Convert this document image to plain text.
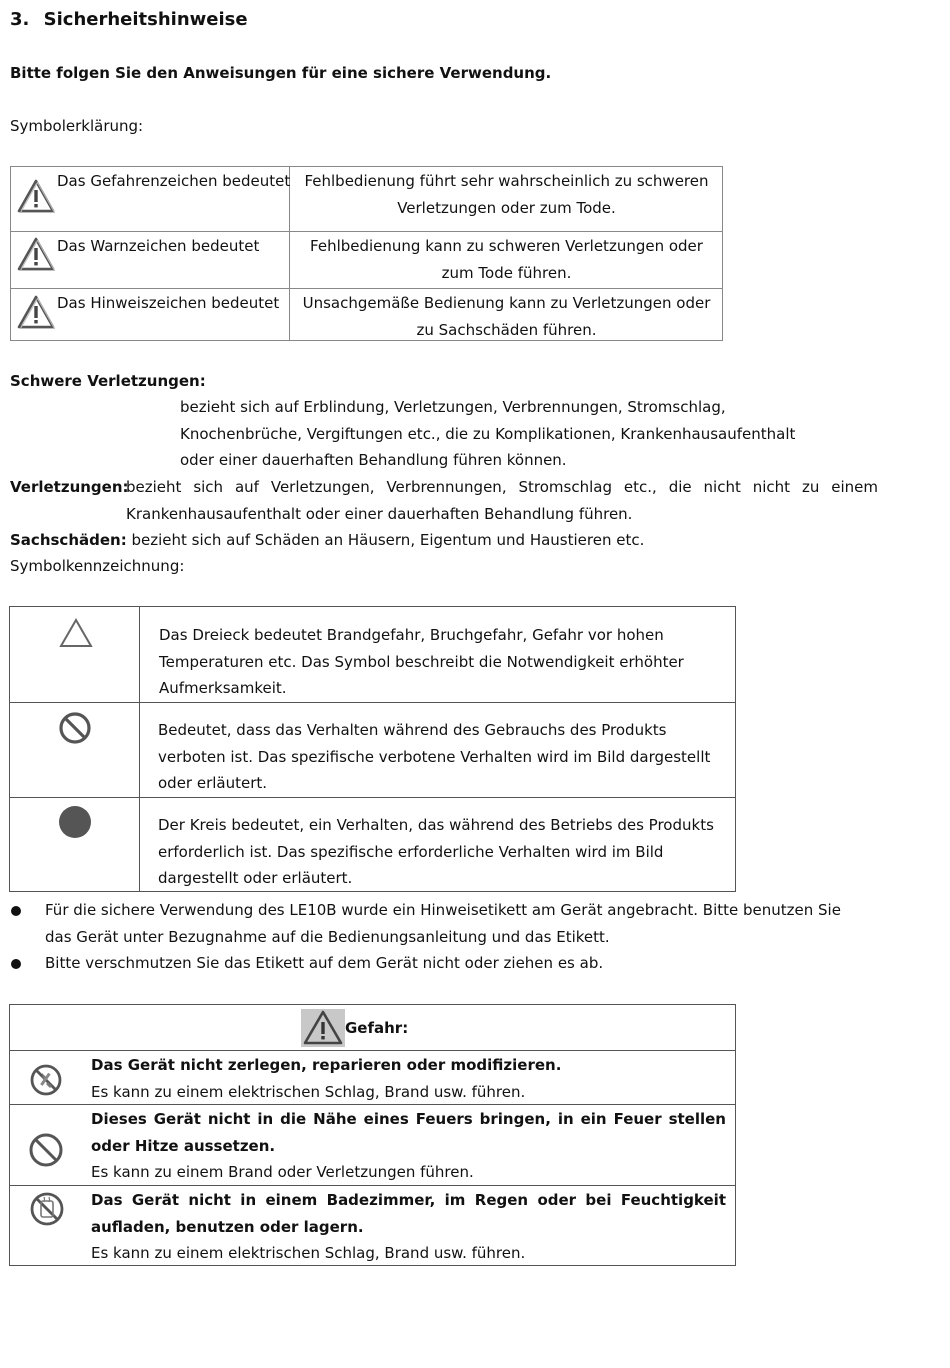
3. Sicherheitshinweise
Bitte folgen Sie den Anweisungen für eine sichere Verwendung.
Symbolerklärung:
Das Gefahrenzeichen bedeutet Fehlbedienung führt sehr wahrscheinlich zu schweren Verletzungen oder zum Tode.
Das Warnzeichen bedeutet	Fehlbedienung kann zu schweren Verletzungen oder zum Tode führen.
Das Hinweiszeichen bedeutet	Unsachgemäße Bedienung kann zu Verletzungen oder zu Sachschäden führen.
Schwere Verletzungen:
bezieht sich auf Erblindung, Verletzungen, Verbrennungen, Stromschlag, Knochenbrüche, Vergiftungen etc., die zu Komplikationen, Krankenhausaufenthalt oder einer dauerhaften Behandlung führen können.
Verletzungen:
bezieht sich auf Verletzungen, Verbrennungen, Stromschlag etc., die nicht nicht zu einem Krankenhausaufenthalt oder einer dauerhaften Behandlung führen.
Sachschäden: bezieht sich auf Schäden an Häusern, Eigentum und Haustieren etc.
Symbolkennzeichnung:
Das Dreieck bedeutet Brandgefahr, Bruchgefahr, Gefahr vor hohen Temperaturen etc. Das Symbol beschreibt die Notwendigkeit erhöhter Aufmerksamkeit.
Bedeutet, dass das Verhalten während des Gebrauchs des Produkts verboten ist. Das spezifische verbotene Verhalten wird im Bild dargestellt oder erläutert.
Der Kreis bedeutet, ein Verhalten, das während des Betriebs des Produkts erforderlich ist. Das spezifische erforderliche Verhalten wird im Bild dargestellt oder erläutert.
Für die sichere Verwendung des LE10B wurde ein Hinweisetikett am Gerät angebracht. Bitte benutzen Sie das Gerät unter Bezugnahme auf die Bedienungsanleitung und das Etikett.
Bitte verschmutzen Sie das Etikett auf dem Gerät nicht oder ziehen es ab.
Gefahr:
Das Gerät nicht zerlegen, reparieren oder modifizieren.
Es kann zu einem elektrischen Schlag, Brand usw. führen.
Dieses Gerät nicht in die Nähe eines Feuers bringen, in ein Feuer stellen oder Hitze aussetzen.
Es kann zu einem Brand oder Verletzungen führen.
Das Gerät nicht in einem Badezimmer, im Regen oder bei Feuchtigkeit aufladen, benutzen oder lagern.
Es kann zu einem elektrischen Schlag, Brand usw. führen.
